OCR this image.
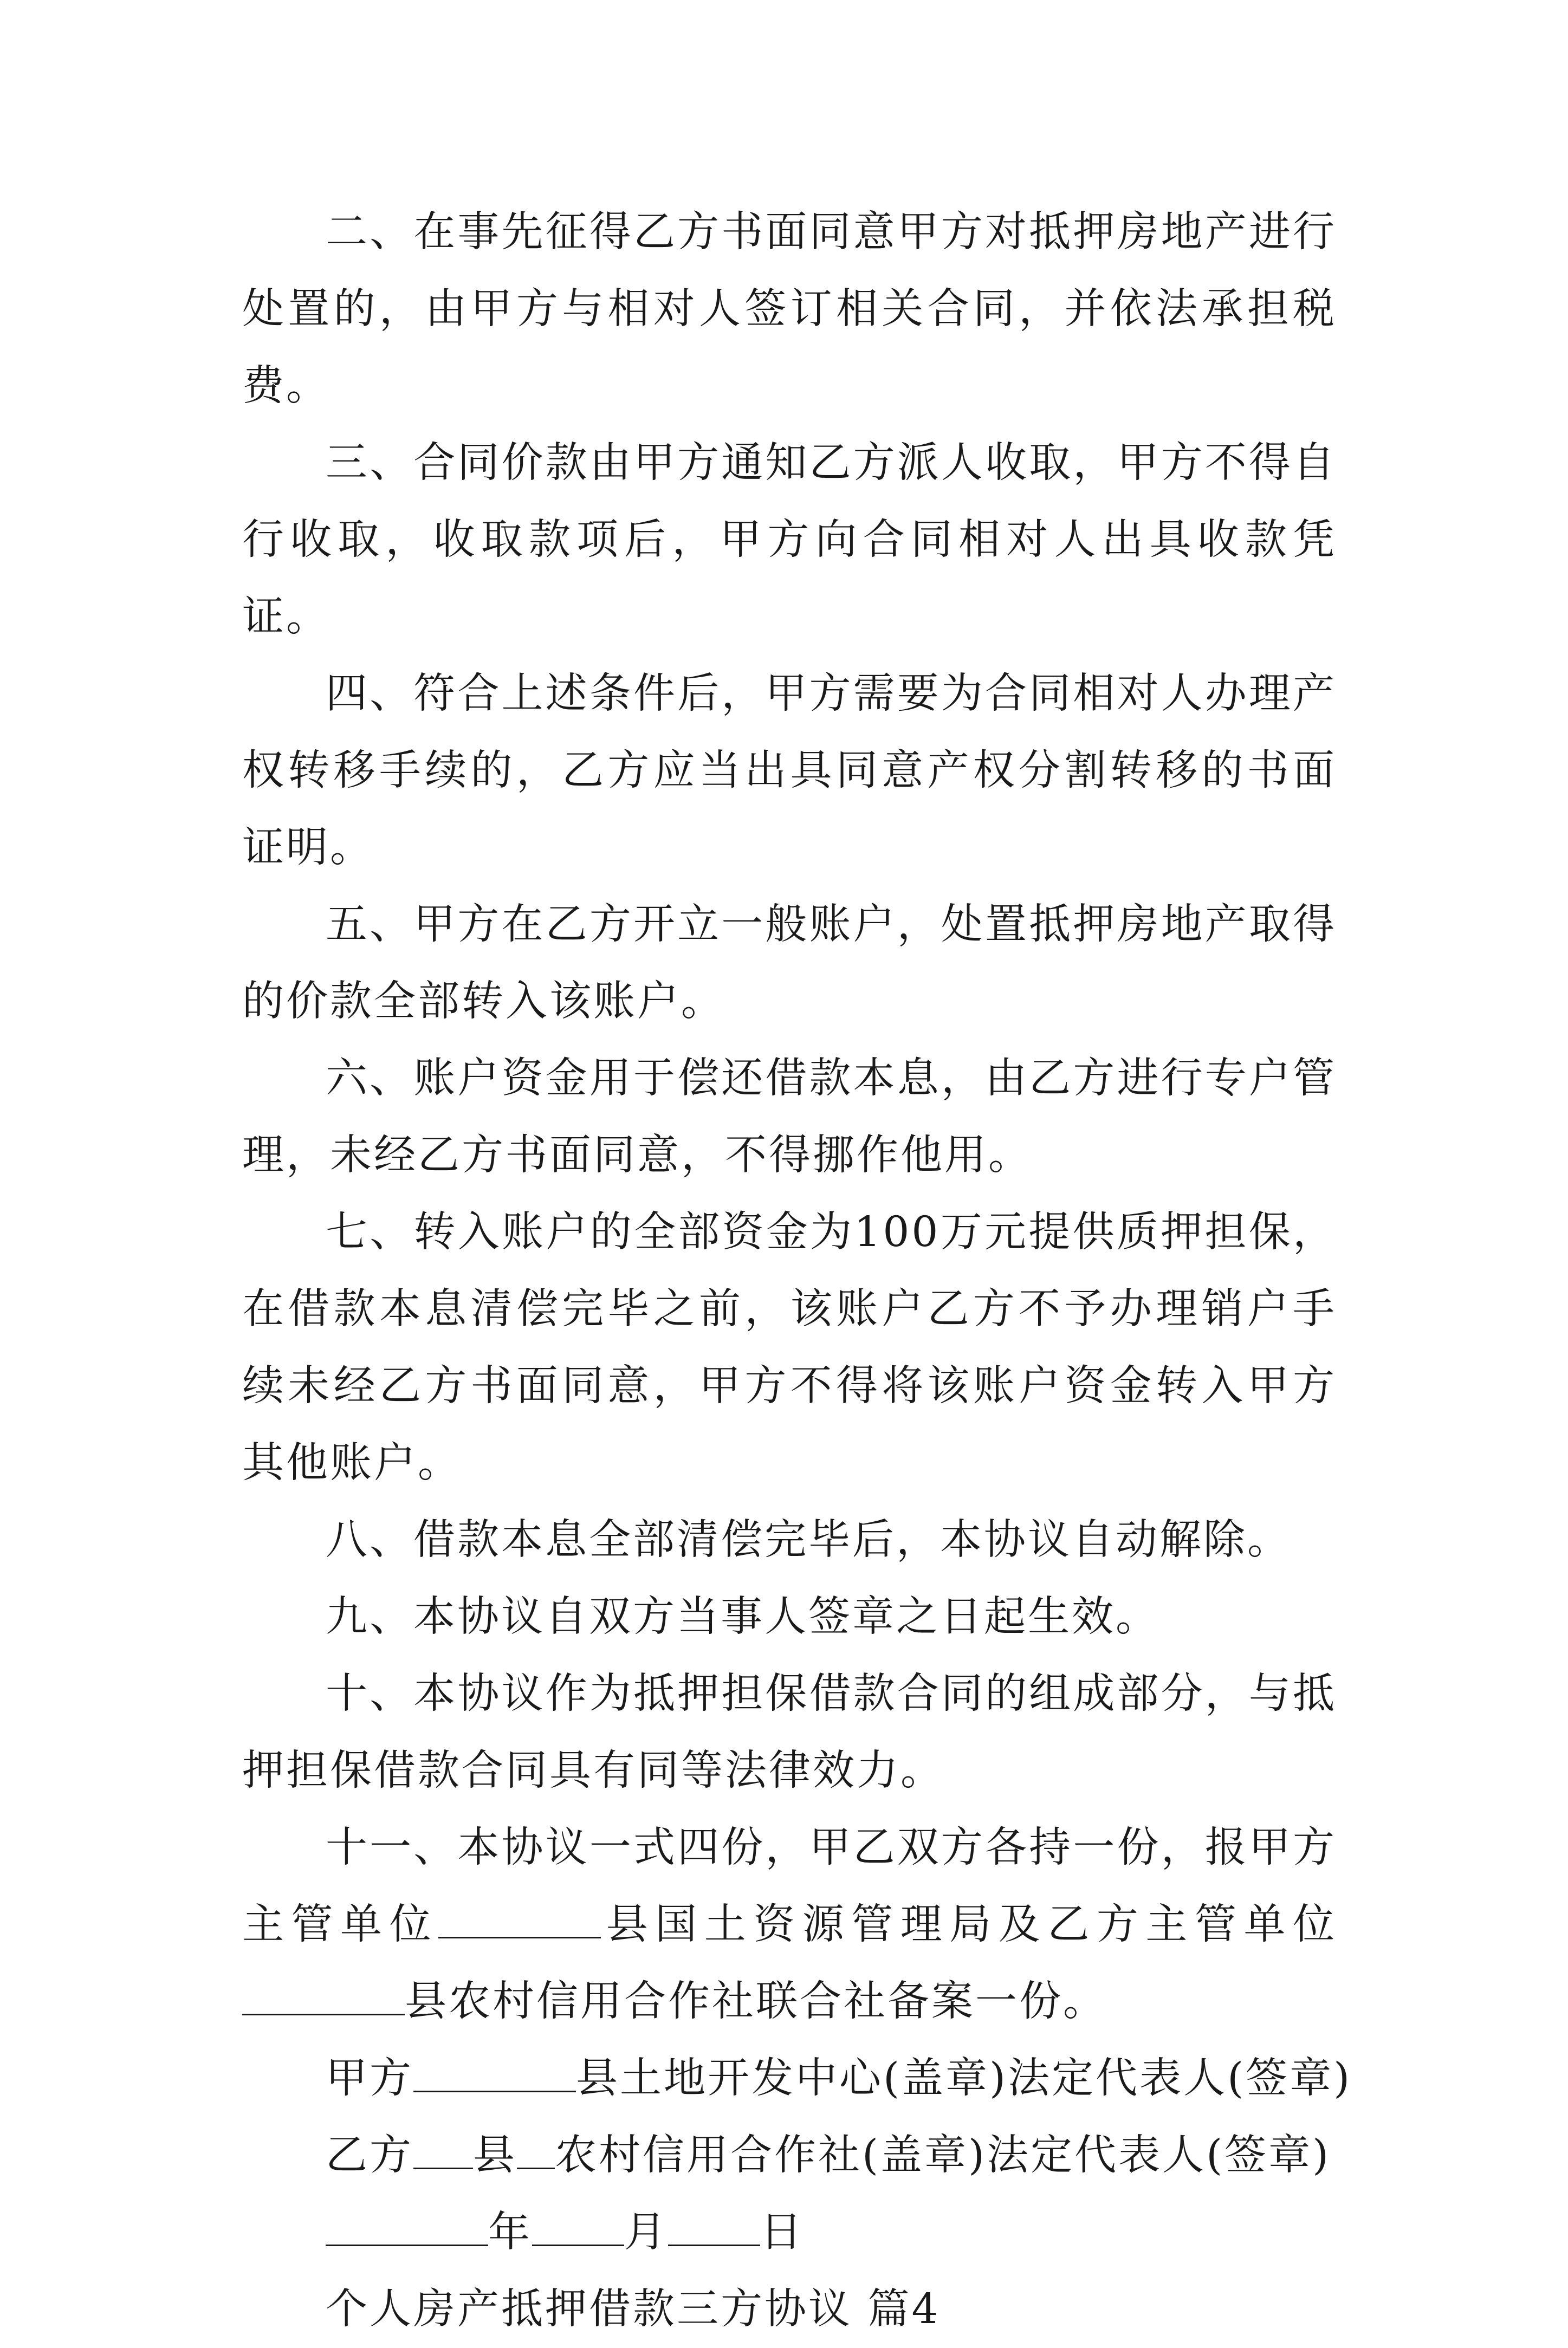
二、在事先征得乙方书面同意甲方对抵押房地产进行处置的，由甲方与相对人签订相关合同，并依法承担税费。

三、合同价款由甲方通知乙方派人收取，甲方不得自行收取，收取款项后，甲方向合同相对人出具收款凭证。

四、符合上述条件后，甲方需要为合同相对人办理产权转移手续的，乙方应当出具同意产权分割转移的书面证明。

五、甲方在乙方开立一般账户，处置抵押房地产取得的价款全部转入该账户。

六、账户资金用于偿还借款本息，由乙方进行专户管理，未经乙方书面同意，不得挪作他用。

七、转入账户的全部资金为100万元提供质押担保，在借款本息清偿完毕之前，该账户乙方不予办理销户手续未经乙方书面同意，甲方不得将该账户资金转入甲方其他账户。

八、借款本息全部清偿完毕后，本协议自动解除。

九、本协议自双方当事人签章之日起生效。

十、本协议作为抵押担保借款合同的组成部分，与抵押担保借款合同具有同等法律效力。

十一、本协议一式四份，甲乙双方各持一份，报甲方主管单位	县国土资源管理局及乙方主管单位县农村信用合作社联合社备案一份。

甲方	县土地开发中心(盖章)法定代表人(签章)

乙方 县 农村信用合作社(盖章)法定代表人(签章)

年 月 日

个人房产抵押借款三方协议 篇4
